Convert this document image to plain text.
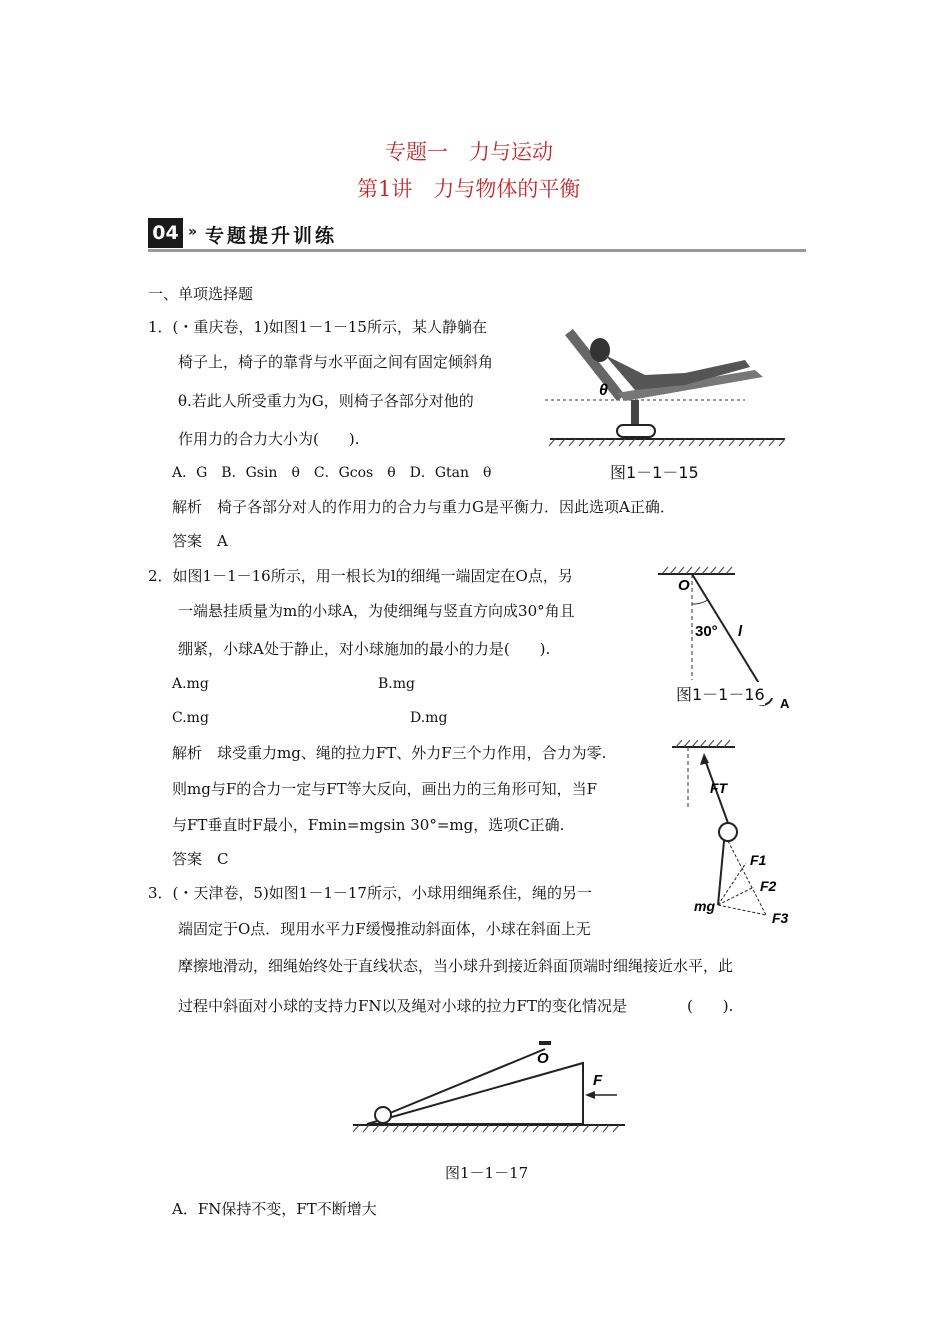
专题一　力与运动
第1讲　力与物体的平衡
04 » 专题提升训练
一、单项选择题
1．(・重庆卷，1)如图1－1－15所示，某人静躺在
椅子上，椅子的靠背与水平面之间有固定倾斜角
θ.若此人所受重力为G，则椅子各部分对他的
作用力的合力大小为(　　).
A．G　B．Gsin　θ　C．Gcos　θ　D．Gtan　θ
解析　椅子各部分对人的作用力的合力与重力G是平衡力．因此选项A正确．
答案　A
θ
图1－1－15
2．如图1－1－16所示，用一根长为l的细绳一端固定在O点，另
一端悬挂质量为m的小球A，为使细绳与竖直方向成30°角且
绷紧，小球A处于静止，对小球施加的最小的力是(　　).
A.mg	B.mg
C.mg	D.mg
解析　球受重力mg、绳的拉力FT、外力F三个力作用，合力为零.
则mg与F的合力一定与FT等大反向，画出力的三角形可知，当F
与FT垂直时F最小，Fmin=mgsin 30°=mg，选项C正确.
答案　C
O
30° l
A
图1－1－16
FT
F1
F2
F3
mg
3．(・天津卷，5)如图1－1－17所示，小球用细绳系住，绳的另一
端固定于O点．现用水平力F缓慢推动斜面体，小球在斜面上无
摩擦地滑动，细绳始终处于直线状态，当小球升到接近斜面顶端时细绳接近水平，此
过程中斜面对小球的支持力FN以及绳对小球的拉力FT的变化情况是　　　　(　　).
O
F
图1－1－17
A．FN保持不变，FT不断增大
